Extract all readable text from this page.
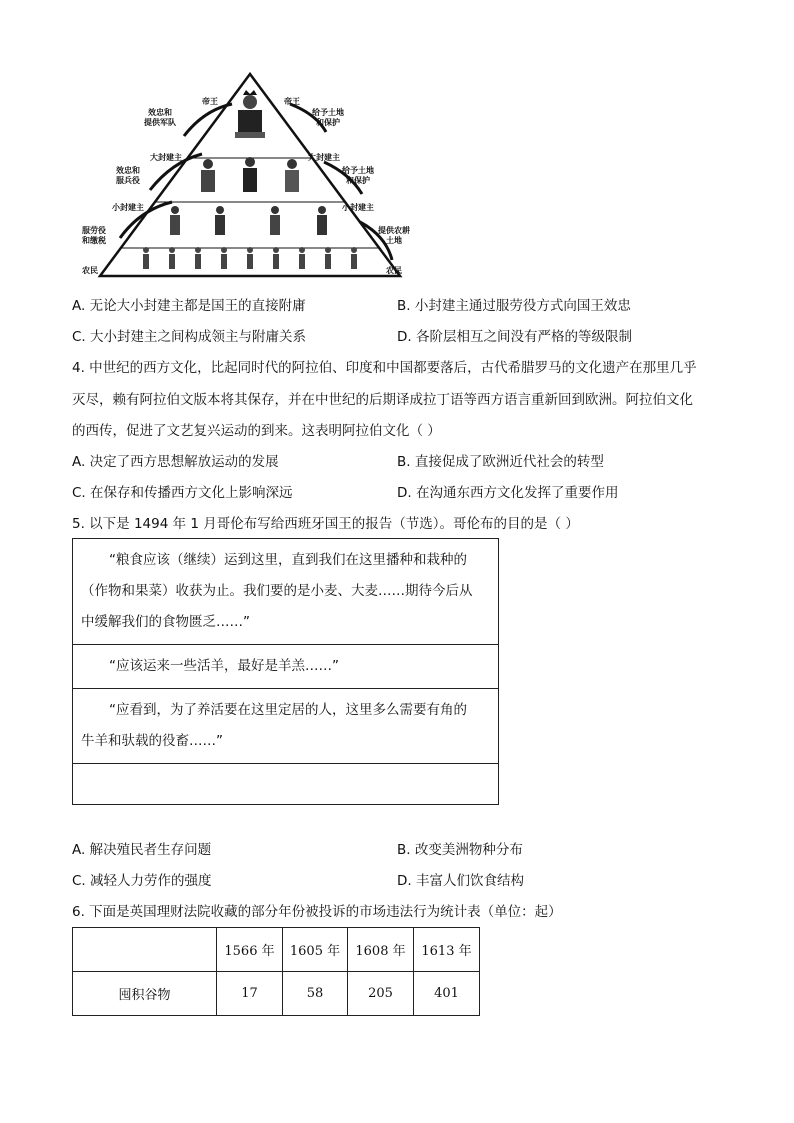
帝王	帝王
效忠和
提供军队
给予土地
和保护
大封建主	大封建主
效忠和
服兵役
给予土地
和保护
小封建主	小封建主
服劳役
和缴税
提供农耕
土地
农民	农民
A. 无论大小封建主都是国王的直接附庸	B. 小封建主通过服劳役方式向国王效忠
C. 大小封建主之间构成领主与附庸关系	D. 各阶层相互之间没有严格的等级限制
4. 中世纪的西方文化，比起同时代的阿拉伯、印度和中国都要落后，古代希腊罗马的文化遗产在那里几乎
灭尽，赖有阿拉伯文版本将其保存，并在中世纪的后期译成拉丁语等西方语言重新回到欧洲。阿拉伯文化
的西传，促进了文艺复兴运动的到来。这表明阿拉伯文化（ ）
A. 决定了西方思想解放运动的发展	B. 直接促成了欧洲近代社会的转型
C. 在保存和传播西方文化上影响深远	D. 在沟通东西方文化发挥了重要作用
5. 以下是 1494 年 1 月哥伦布写给西班牙国王的报告（节选）。哥伦布的目的是（ ）
“粮食应该（继续）运到这里，直到我们在这里播种和栽种的
（作物和果菜）收获为止。我们要的是小麦、大麦……期待今后从
中缓解我们的食物匮乏……”
“应该运来一些活羊，最好是羊羔……”
“应看到，为了养活要在这里定居的人，这里多么需要有角的
牛羊和驮载的役畜……”
A. 解决殖民者生存问题	B. 改变美洲物种分布
C. 减轻人力劳作的强度	D. 丰富人们饮食结构
6. 下面是英国理财法院收藏的部分年份被投诉的市场违法行为统计表（单位：起）
	1566 年	1605 年	1608 年	1613 年
囤积谷物	17	58	205	401
